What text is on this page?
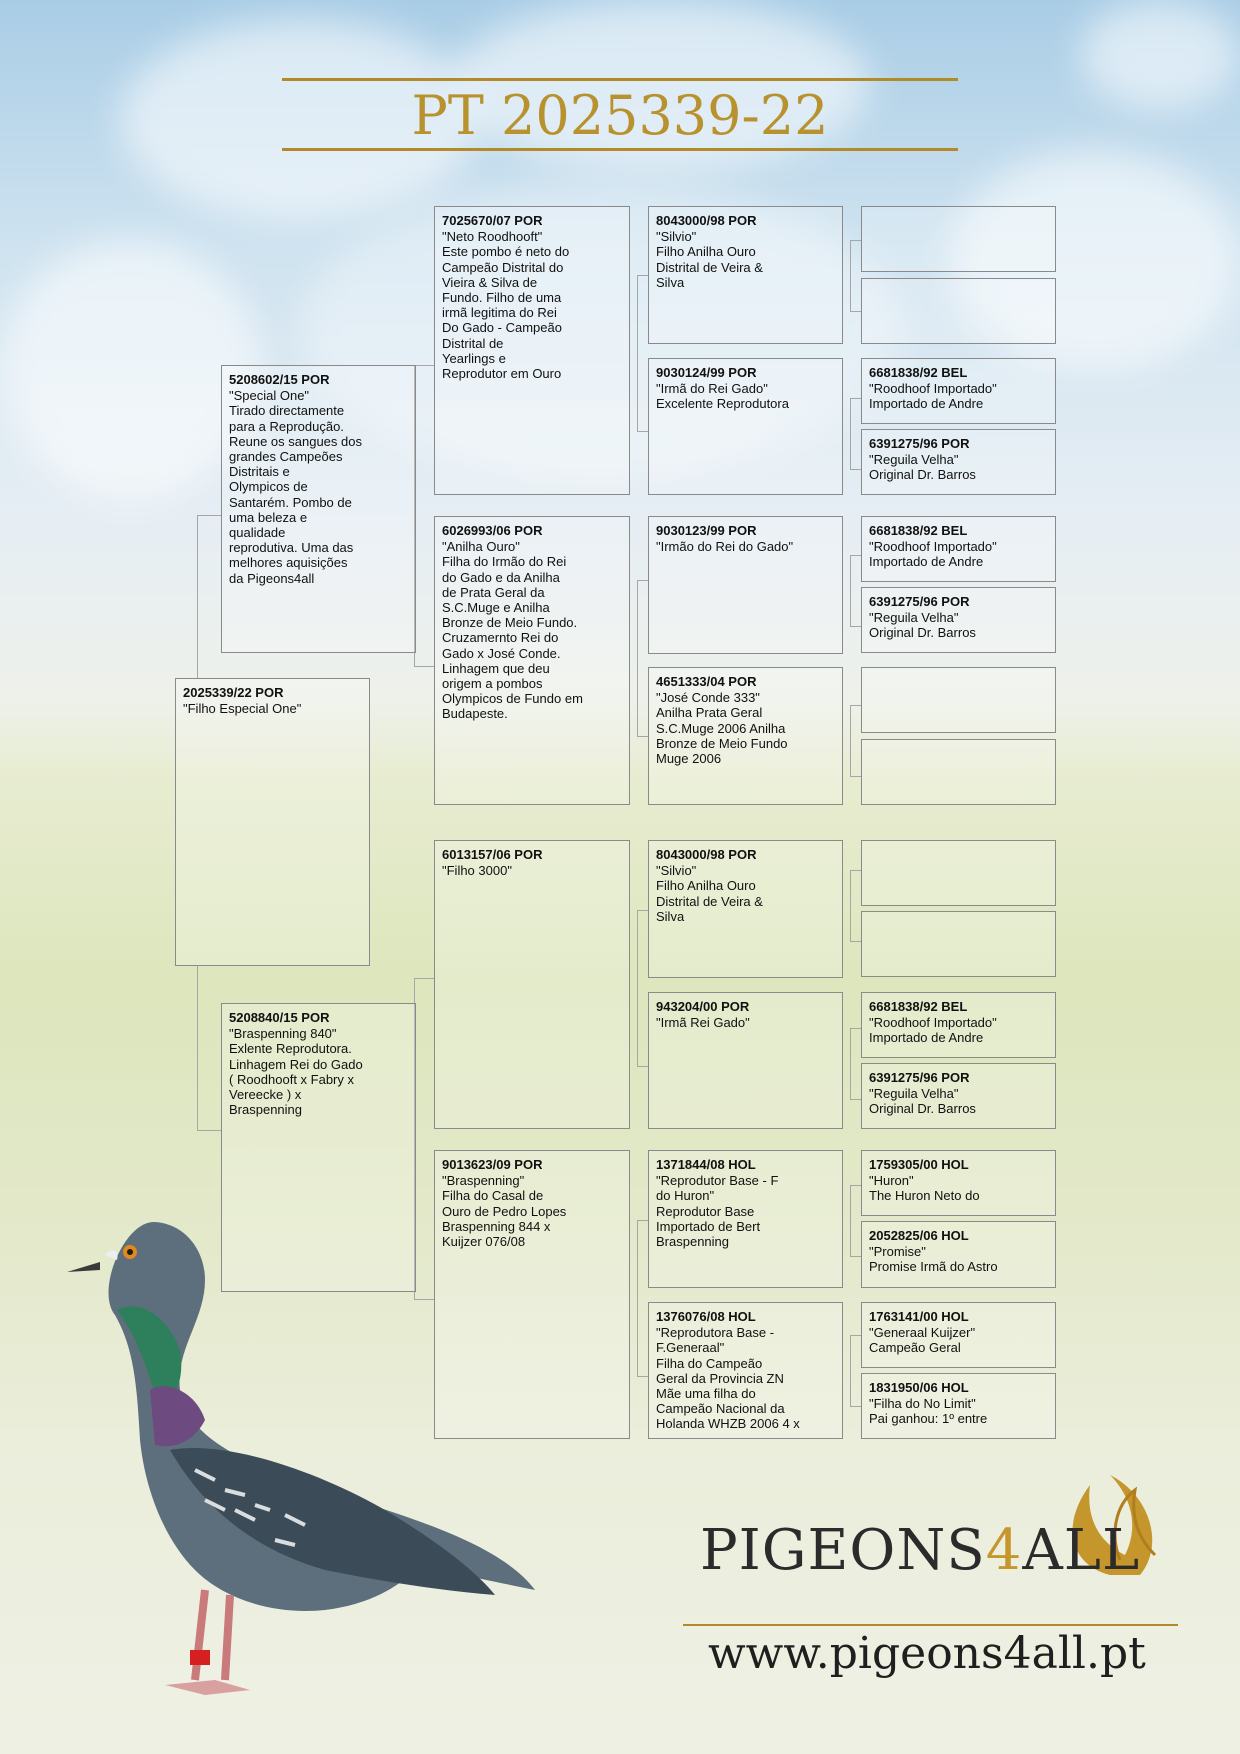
PT 2025339-22
2025339/22 POR
"Filho Especial One"
5208602/15 POR
"Special One"
Tirado directamente
para a Reprodução.
Reune os sangues dos
grandes Campeões
Distritais e
Olympicos de
Santarém. Pombo de
uma beleza e
qualidade
reprodutiva. Uma das
melhores aquisições
da Pigeons4all
5208840/15 POR
"Braspenning 840"
Exlente Reprodutora.
Linhagem Rei do Gado
( Roodhooft x Fabry x
Vereecke ) x
Braspenning
7025670/07 POR
"Neto Roodhooft"
Este pombo é neto do
Campeão Distrital do
Vieira & Silva de
Fundo. Filho de uma
irmã legitima do Rei
Do Gado - Campeão
Distrital de
Yearlings e
Reprodutor em Ouro
6026993/06 POR
"Anilha Ouro"
Filha do Irmão do Rei
do Gado e da Anilha
de Prata Geral da
S.C.Muge e Anilha
Bronze de Meio Fundo.
Cruzamernto Rei do
Gado x José Conde.
Linhagem que deu
origem a pombos
Olympicos de Fundo em
Budapeste.
6013157/06 POR
"Filho 3000"
9013623/09 POR
"Braspenning"
Filha do Casal de
Ouro de Pedro Lopes
Braspenning 844 x
Kuijzer 076/08
8043000/98 POR
"Silvio"
Filho Anilha Ouro
Distrital de Veira &
Silva
9030124/99 POR
"Irmã do Rei Gado"
Excelente Reprodutora
9030123/99 POR
"Irmão do Rei do Gado"
4651333/04 POR
"José Conde 333"
Anilha Prata Geral
S.C.Muge 2006 Anilha
Bronze de Meio Fundo
Muge 2006
8043000/98 POR
"Silvio"
Filho Anilha Ouro
Distrital de Veira &
Silva
943204/00 POR
"Irmã Rei Gado"
1371844/08 HOL
"Reprodutor Base - F
do Huron"
Reprodutor Base
Importado de Bert
Braspenning
1376076/08 HOL
"Reprodutora Base -
F.Generaal"
Filha do Campeão
Geral da Provincia ZN
Mãe uma filha do
Campeão Nacional da
Holanda WHZB 2006 4 x
6681838/92 BEL
"Roodhoof Importado"
Importado de Andre
6391275/96 POR
"Reguila Velha"
Original Dr. Barros
6681838/92 BEL
"Roodhoof Importado"
Importado de Andre
6391275/96 POR
"Reguila Velha"
Original Dr. Barros
6681838/92 BEL
"Roodhoof Importado"
Importado de Andre
6391275/96 POR
"Reguila Velha"
Original Dr. Barros
1759305/00 HOL
"Huron"
The Huron Neto do
2052825/06 HOL
"Promise"
Promise Irmã do Astro
1763141/00 HOL
"Generaal Kuijzer"
Campeão Geral
1831950/06 HOL
"Filha do No Limit"
Pai ganhou: 1º entre
PIGEONS4ALL
www.pigeons4all.pt
